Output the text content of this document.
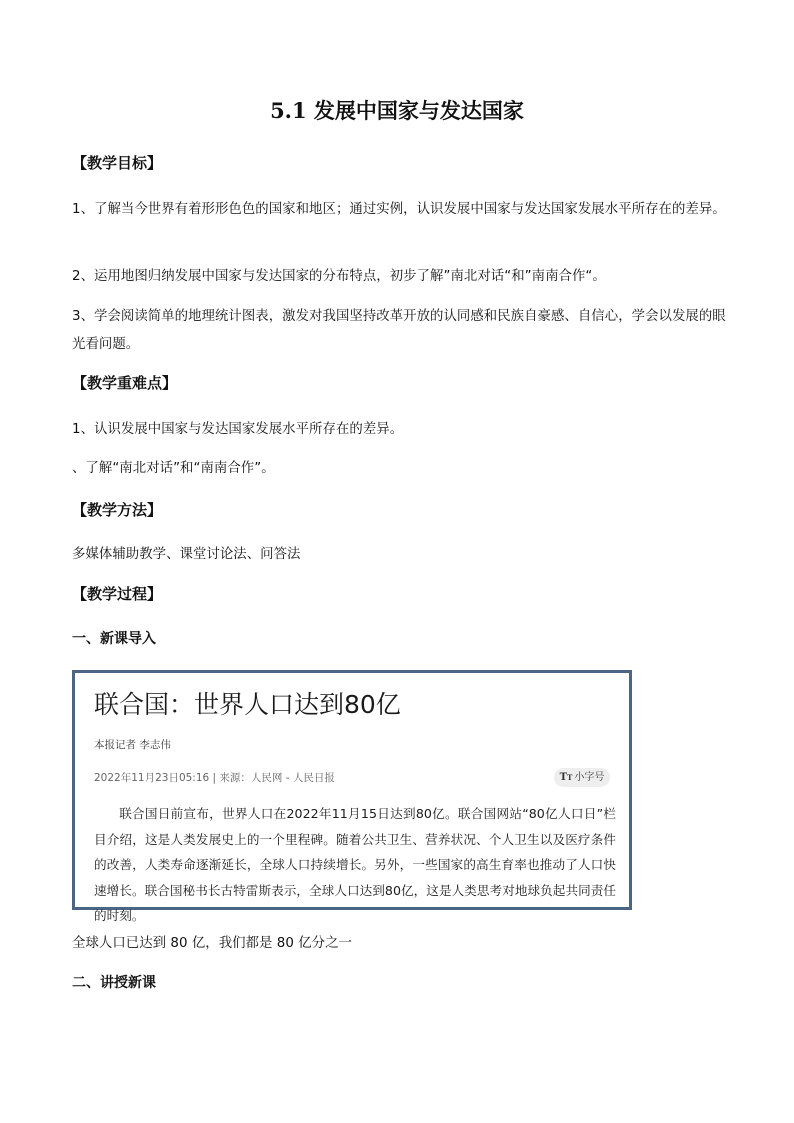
5.1 发展中国家与发达国家
【教学目标】
1、了解当今世界有着形形色色的国家和地区；通过实例，认识发展中国家与发达国家发展水平所存在的差异。
2、运用地图归纳发展中国家与发达国家的分布特点，初步了解”南北对话“和”南南合作“。
3、学会阅读简单的地理统计图表，激发对我国坚持改革开放的认同感和民族自豪感、自信心，学会以发展的眼光看问题。
【教学重难点】
1、认识发展中国家与发达国家发展水平所存在的差异。
、了解“南北对话”和“南南合作”。
【教学方法】
多媒体辅助教学、课堂讨论法、问答法
【教学过程】
一、新课导入
联合国：世界人口达到80亿
本报记者 李志伟
2022年11月23日05:16 | 来源：人民网 - 人民日报	TT 小字号
联合国日前宣布，世界人口在2022年11月15日达到80亿。联合国网站“80亿人口日”栏目介绍，这是人类发展史上的一个里程碑。随着公共卫生、营养状况、个人卫生以及医疗条件的改善，人类寿命逐渐延长，全球人口持续增长。另外，一些国家的高生育率也推动了人口快速增长。联合国秘书长古特雷斯表示，全球人口达到80亿，这是人类思考对地球负起共同责任的时刻。
全球人口已达到 80 亿，我们都是 80 亿分之一
二、讲授新课
